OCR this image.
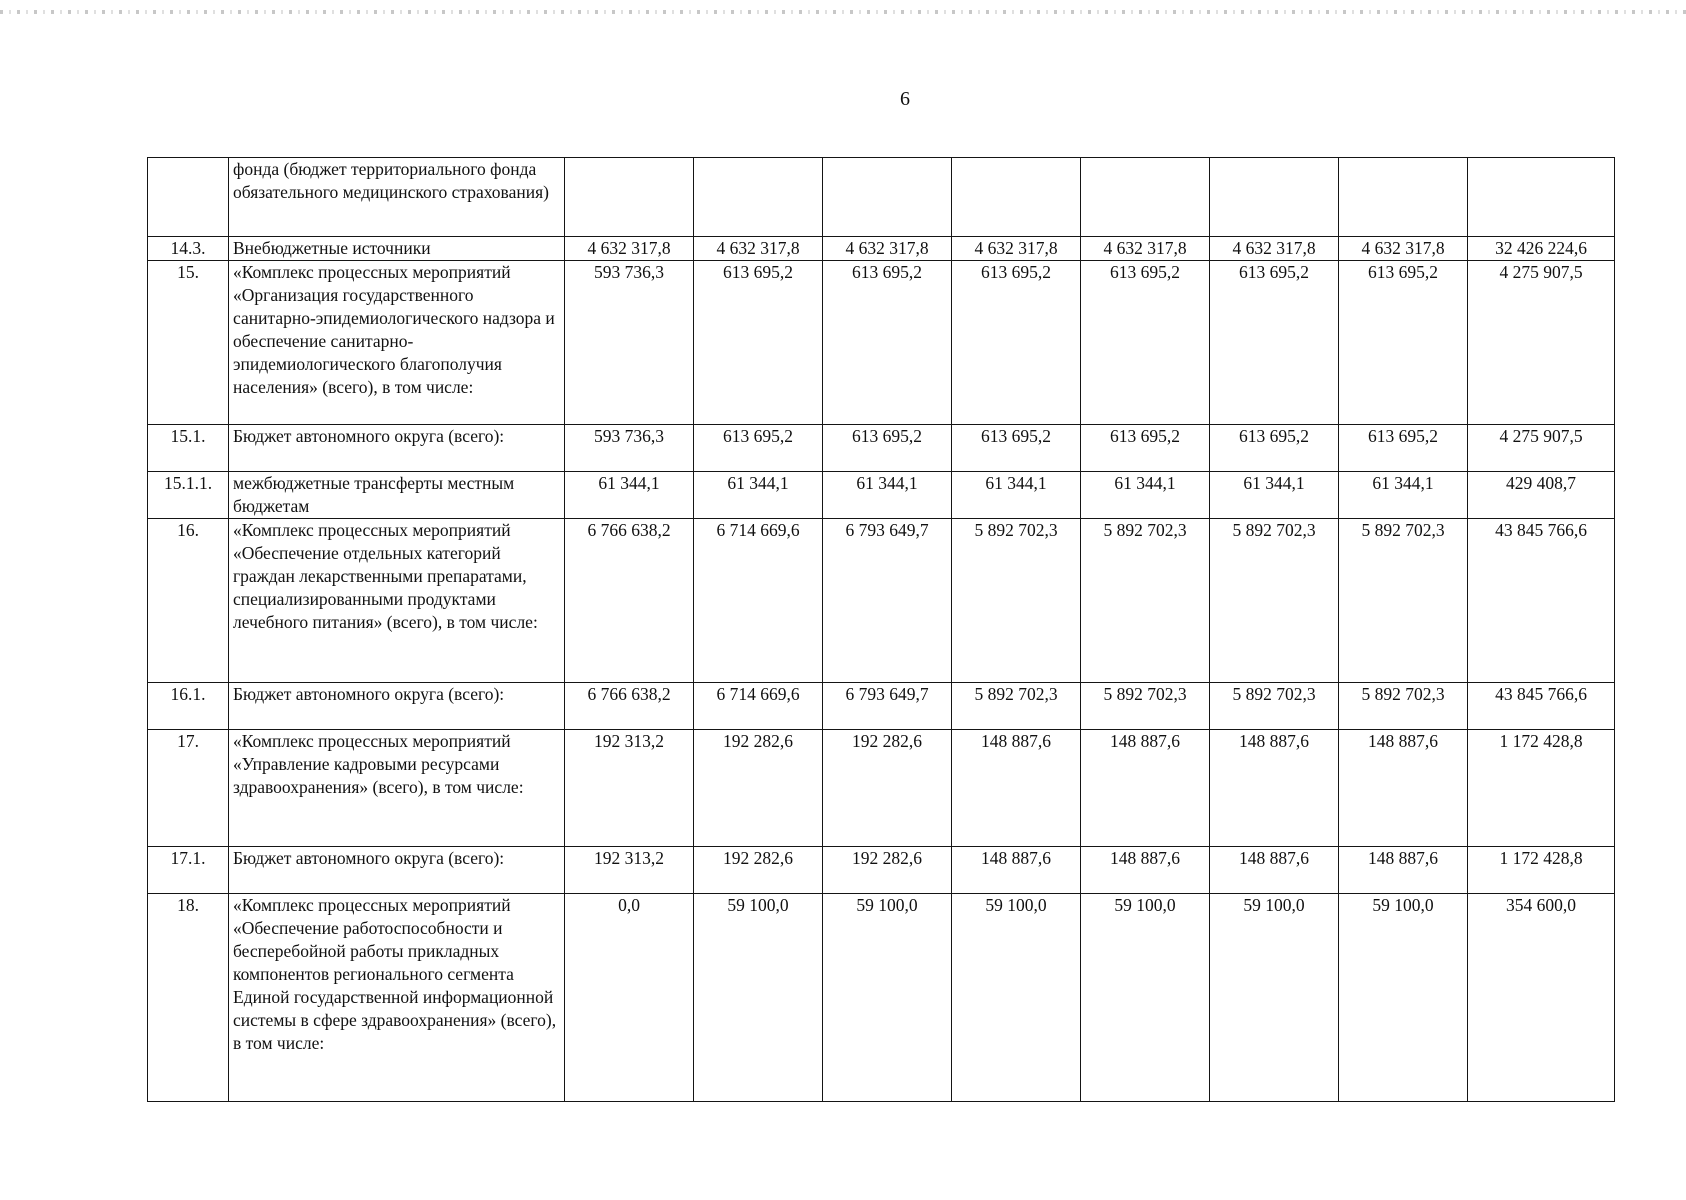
6
	фонда (бюджет территориального фонда обязательного медицинского страхования)								
14.3.	Внебюджетные источники	4 632 317,8	4 632 317,8	4 632 317,8	4 632 317,8	4 632 317,8	4 632 317,8	4 632 317,8	32 426 224,6
15.	«Комплекс процессных мероприятий «Организация государственного санитарно-эпидемиологического надзора и обеспечение санитарно-эпидемиологического благополучия населения» (всего), в том числе:	593 736,3	613 695,2	613 695,2	613 695,2	613 695,2	613 695,2	613 695,2	4 275 907,5
15.1.	Бюджет автономного округа (всего):	593 736,3	613 695,2	613 695,2	613 695,2	613 695,2	613 695,2	613 695,2	4 275 907,5
15.1.1.	межбюджетные трансферты местным бюджетам	61 344,1	61 344,1	61 344,1	61 344,1	61 344,1	61 344,1	61 344,1	429 408,7
16.	«Комплекс процессных мероприятий «Обеспечение отдельных категорий граждан лекарственными препаратами, специализированными продуктами лечебного питания» (всего), в том числе:	6 766 638,2	6 714 669,6	6 793 649,7	5 892 702,3	5 892 702,3	5 892 702,3	5 892 702,3	43 845 766,6
16.1.	Бюджет автономного округа (всего):	6 766 638,2	6 714 669,6	6 793 649,7	5 892 702,3	5 892 702,3	5 892 702,3	5 892 702,3	43 845 766,6
17.	«Комплекс процессных мероприятий «Управление кадровыми ресурсами здравоохранения» (всего), в том числе:	192 313,2	192 282,6	192 282,6	148 887,6	148 887,6	148 887,6	148 887,6	1 172 428,8
17.1.	Бюджет автономного округа (всего):	192 313,2	192 282,6	192 282,6	148 887,6	148 887,6	148 887,6	148 887,6	1 172 428,8
18.	«Комплекс процессных мероприятий «Обеспечение работоспособности и бесперебойной работы прикладных компонентов регионального сегмента Единой государственной информационной системы в сфере здравоохранения» (всего), в том числе:	0,0	59 100,0	59 100,0	59 100,0	59 100,0	59 100,0	59 100,0	354 600,0
